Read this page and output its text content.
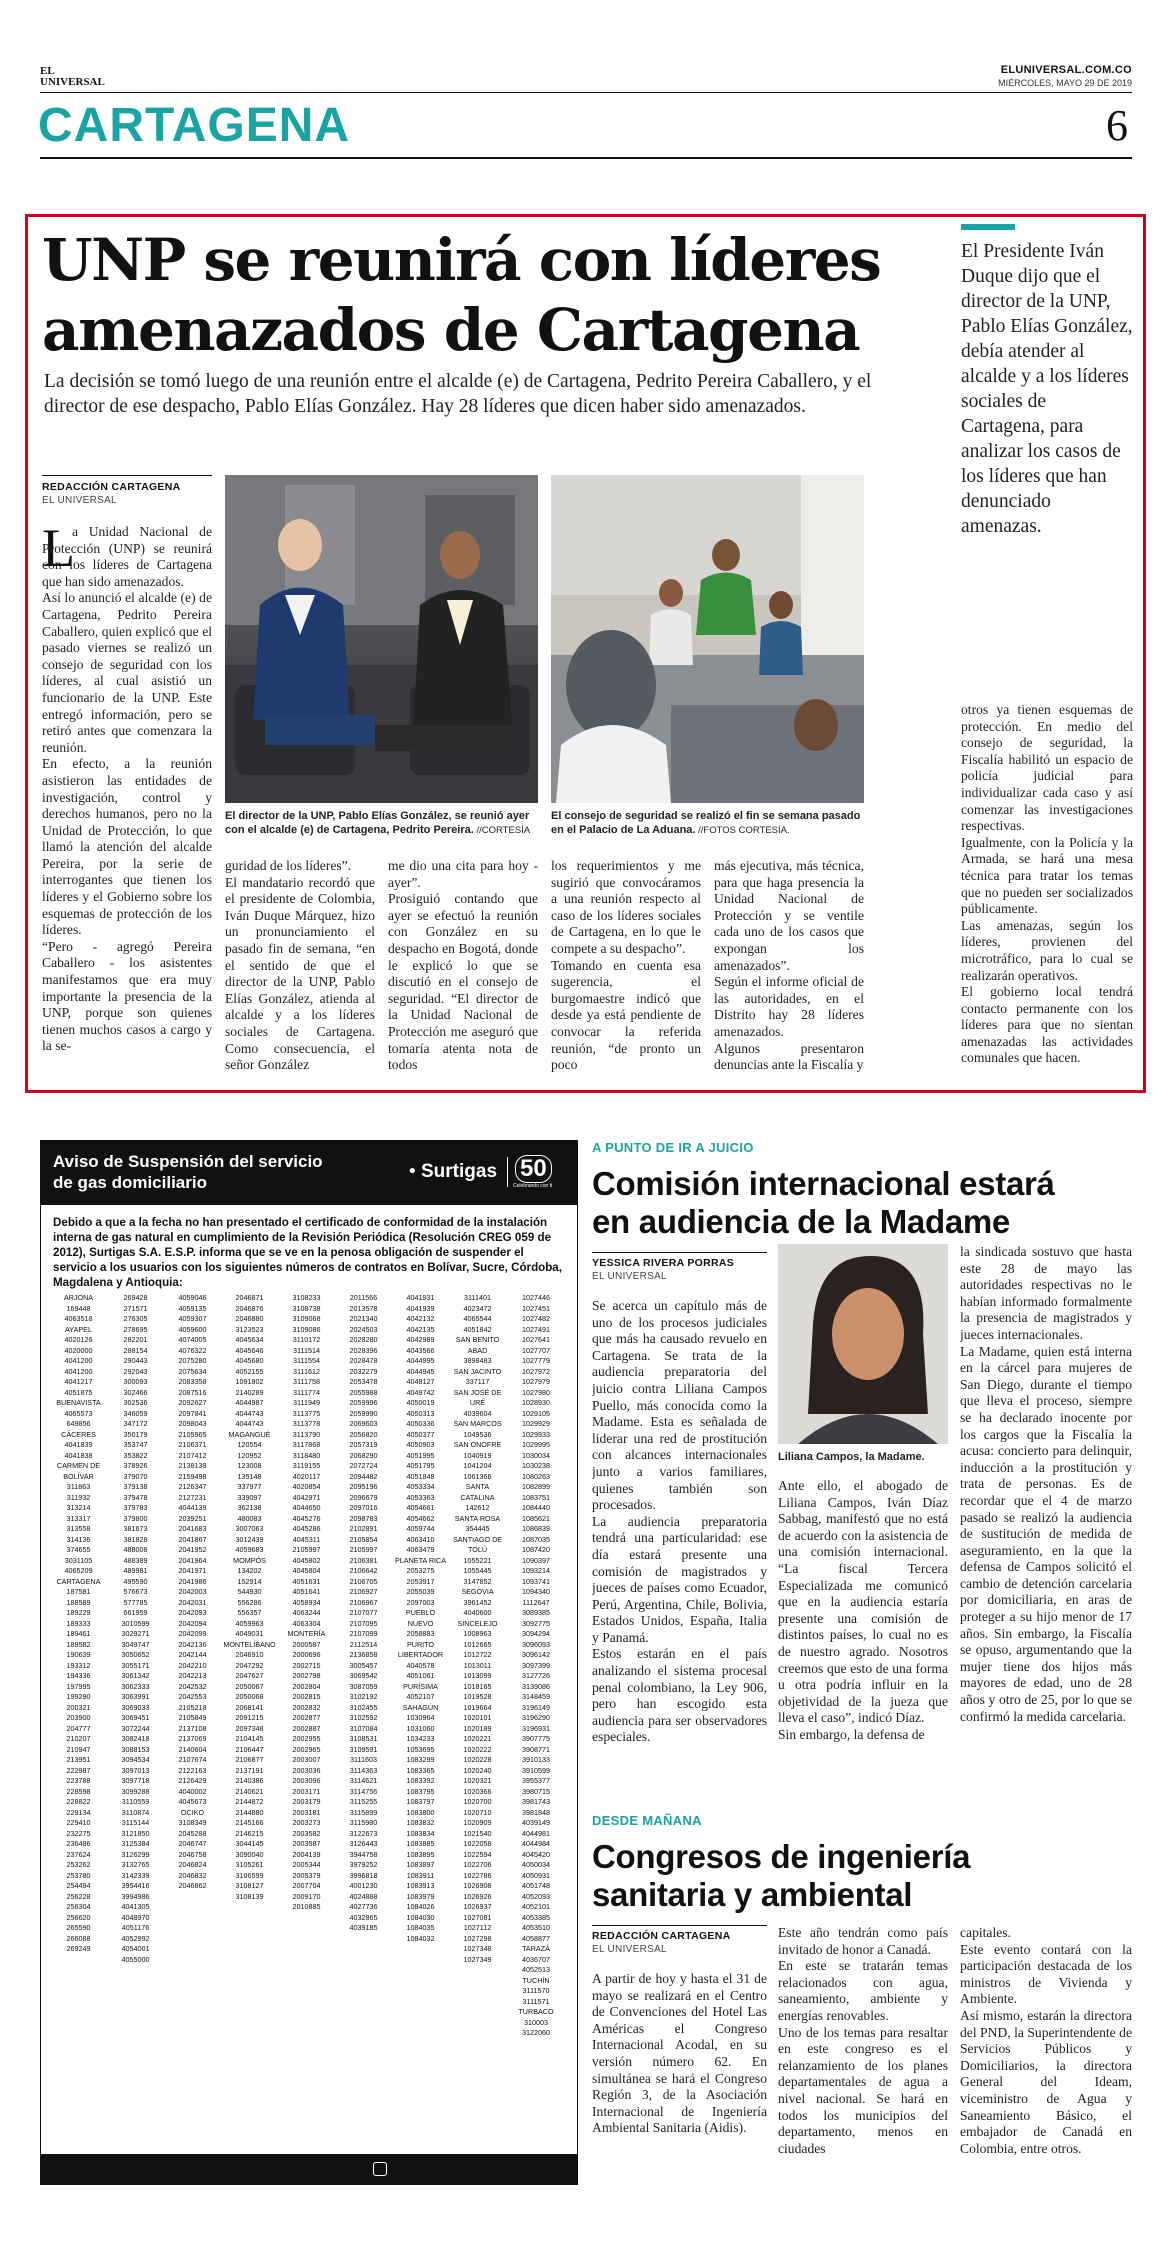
EL
UNIVERSAL
ELUNIVERSAL.COM.CO
MIÉRCOLES, MAYO 29 DE 2019
CARTAGENA	6
UNP se reunirá con líderes
amenazados de Cartagena
La decisión se tomó luego de una reunión entre el alcalde (e) de Cartagena, Pedrito Pereira Caballero, y el director de ese despacho, Pablo Elías González. Hay 28 líderes que dicen haber sido amenazados.
El Presidente Iván Duque dijo que el director de la UNP, Pablo Elías González, debía atender al alcalde y a los líderes sociales de Cartagena, para analizar los casos de los líderes que han denunciado amenazas.
REDACCIÓN CARTAGENA
EL UNIVERSAL
El director de la UNP, Pablo Elías González, se reunió ayer con el alcalde (e) de Cartagena, Pedrito Pereira. //CORTESÍA
El consejo de seguridad se realizó el fin se semana pasado en el Palacio de La Aduana. //FOTOS CORTESÍA.
L
a Unidad Nacional de Protección (UNP) se reunirá con los líderes de Cartagena que han sido amenazados.
Así lo anunció el alcalde (e) de Cartagena, Pedrito Pereira Caballero, quien explicó que el pasado viernes se realizó un consejo de seguridad con los líderes, al cual asistió un funcionario de la UNP. Este entregó información, pero se retiró antes que comenzara la reunión.
En efecto, a la reunión asistieron las entidades de investigación, control y derechos humanos, pero no la Unidad de Protección, lo que llamó la atención del alcalde Pereira, por la serie de interrogantes que tienen los líderes y el Gobierno sobre los esquemas de protección de los líderes.
“Pero - agregó Pereira Caballero - los asistentes manifestamos que era muy importante la presencia de la UNP, porque son quienes tienen muchos casos a cargo y la se-
guridad de los líderes”.
El mandatario recordó que el presidente de Colombia, Iván Duque Márquez, hizo un pronunciamiento el pasado fin de semana, “en el sentido de que el director de la UNP, Pablo Elías González, atienda al alcalde y a los líderes sociales de Cartagena. Como consecuencia, el señor González
me dio una cita para hoy - ayer”.
Prosiguió contando que ayer se efectuó la reunión con González en su despacho en Bogotá, donde le explicó lo que se discutió en el consejo de seguridad. “El director de la Unidad Nacional de Protección me aseguró que tomaría atenta nota de todos
los requerimientos y me sugirió que convocáramos a una reunión respecto al caso de los líderes sociales de Cartagena, en lo que le compete a su despacho”.
Tomando en cuenta esa sugerencia, el burgomaestre indicó que desde ya está pendiente de convocar la referida reunión, “de pronto un poco
más ejecutiva, más técnica, para que haga presencia la Unidad Nacional de Protección y se ventile cada uno de los casos que expongan los amenazados”.
Según el informe oficial de las autoridades, en el Distrito hay 28 líderes amenazados.
Algunos presentaron denuncias ante la Fiscalía y
otros ya tienen esquemas de protección. En medio del consejo de seguridad, la Fiscalía habilitó un espacio de policía judicial para individualizar cada caso y así comenzar las investigaciones respectivas.
Igualmente, con la Policía y la Armada, se hará una mesa técnica para tratar los temas que no pueden ser socializados públicamente.
Las amenazas, según los líderes, provienen del microtráfico, para lo cual se realizarán operativos.
El gobierno local tendrá contacto permanente con los líderes para que no sientan amenazadas las actividades comunales que hacen.
Aviso de Suspensión del servicio
de gas domiciliario
• Surtigas 50
Celebrando con ti
Debido a que a la fecha no han presentado el certificado de conformidad de la instalación interna de gas natural en cumplimiento de la Revisión Periódica (Resolución CREG 059 de 2012), Surtigas S.A. E.S.P. informa que se ve en la penosa obligación de suspender el servicio a los usuarios con los siguientes números de contratos en Bolívar, Sucre, Córdoba, Magdalena y Antioquia:
ARJONA
169448
4063518
AYAPEL
4020126
4020000
4041200
4041200
4041217
4051875
BUENAVISTA
4065573
649856
CÁCERES
4041839
4041838
CARMEN DE
BOLÍVAR
311863
311932
313214
313317
313558
314136
374655
3031105
4065209
CARTAGENA
187581
188589
189229
189333
189461
189582
190639
193312
194336
197995
199290
200321
203900
204777
210207
210947
213951
222987
223788
228598
228822
229134
229410
232275
236486
237624
253262
253780
254494
256228
256304
256620
265590
266088
269249
269428
271571
276305
278695
282201
288154
290443
292043
300093
302466
302536
346059
347172
350179
353747
353822
378926
379070
379138
379478
379783
379800
381673
381828
488008
488389
489981
495590
576673
577785
661959
3010599
3029271
3049747
3050652
3055171
3061342
3062333
3063991
3069033
3069451
3072244
3082418
3088153
3094534
3097013
3097718
3099288
3110559
3110874
3115144
3121850
3125384
3126299
3132765
3142339
3954416
3994986
4041305
4048970
4051176
4052992
4054001
4055000
4059046
4059135
4059307
4059600
4074005
4076322
2075280
2075634
2083358
2087516
2092627
2097841
2098043
2105965
2106371
2107412
2138139
2159498
2126347
2127231
4044139
2039251
2041683
2041867
2041952
2041964
2041971
2041986
2042003
2042031
2042093
2042094
2042099
2042136
2042144
2042210
2042213
2042532
2042553
2105218
2105849
2137108
2137069
2140604
2107674
2122163
2126429
4040002
4045673
OCIKO
3108349
2045288
2046747
2046758
2046824
2046832
2046862
2046871
2046876
2046880
3123523
4045634
4045646
4045680
4052155
1091802
2140289
4044987
4044743
4044743
MAGANGUÉ
120554
120952
123008
135148
337977
339097
362138
480083
3007063
3012439
4059683
MOMPÓS
134202
152914
544930
556286
556357
4059963
4049031
MONTELÍBANO
2046910
2047292
2047627
2050067
2050068
2068141
2091215
2097348
2104145
2106447
2106877
2137191
2140386
2140621
2144872
2144880
2145166
2146215
3044145
3090040
3105261
3106599
3108127
3108139
3108233
3108738
3109068
3109086
3110172
3111514
3111554
3111612
3111758
3111774
3111949
3113775
3113778
3113790
3117868
3118480
3119155
4020117
4020854
4042971
4044650
4045276
4045286
4045311
2105997
4045802
4045804
4051631
4051641
4058934
4063244
4063304
MONTERÍA
2000587
2000696
2002715
2002798
2002804
2002815
2002832
2002877
2002887
2002955
2002965
2003007
2003036
2003096
2003171
2003179
2003181
2003273
2003582
2003587
2004139
2005344
2005379
2007704
2009170
2010885
2011566
2013578
2021340
2024503
2028280
2028396
2028478
2032279
2053478
2055988
2059996
2059990
2069603
2056820
2057319
2068290
2072724
2094482
2095196
2096679
2097016
2098783
2102891
2105854
2105997
2106381
2106642
2106705
2106927
2106967
2107077
2107095
2107099
2112514
2136858
3005457
3069542
3087059
3102192
3102455
3102592
3107084
3108531
3109591
3111603
3114363
3114621
3114756
3115255
3115899
3115980
3122673
3126443
3944758
3979252
3996818
4001230
4024888
4027736
4032865
4039185
4041931
4041939
4042132
4042135
4042989
4043566
4044995
4044945
4048127
4049742
4050019
4050313
4050336
4050377
4050903
4051995
4051795
4051848
4053334
4053363
4054661
4054662
4059744
4063410
4063479
PLANETA RICA
2053275
2053917
2055039
2097003
PUEBLO NUEVO
2058883
PURITO
LIBERTADOR
4040578
4051061
PURÍSIMA
4052107
SAHAGÚN
1030964
1031060
1034233
1053695
1083299
1083365
1083392
1083795
1083797
1083800
1083832
1083834
1083885
1083895
1083897
1083911
1083913
1083979
1084026
1084030
1084035
1084032
3111401
4023472
4065544
4051842
SAN BENITO
ABAD
3898483
SAN JACINTO
337117
SAN JOSÉ DE URÉ
4039604
SAN MARCOS
1049536
SAN ONOFRE
1040919
1041204
1061366
SANTA CATALINA
142612
SANTA ROSA
354445
SANTIAGO DE
TOLÚ
1055221
1055445
3147852
SEGOVIA
3961452
4040600
SINCELEJO
1008963
1012665
1012722
1013011
1013099
1018165
1019528
1019664
1020101
1020189
1020221
1020222
1020228
1020240
1020321
1020366
1020700
1020710
1020909
1021540
1022058
1022594
1022706
1022786
1026908
1026926
1026937
1027081
1027112
1027298
1027348
1027349
1027446
1027451
1027482
1027491
1027641
1027707
1027779
1027972
1027979
1027980
1028930
1029105
1029929
1029933
1029995
1030034
1030238
1080263
1082899
1083751
1084440
1085621
1086839
1087035
1087420
1090397
1093214
1093741
1094340
1112647
3089385
3092775
3094294
3096093
3096142
3097399
3127726
3139086
3148459
3196149
3196290
3196931
3907775
3908771
3910133
3910599
3955377
3980715
3981743
3981848
4039149
4044981
4044984
4045420
4050034
4050931
4051748
4052093
4052101
4053385
4053510
4058877
TARAZÁ
4036707
4052513
TUCHÍN
3111570
3111571
TURBACO
310003
3122060
A PUNTO DE IR A JUICIO
Comisión internacional estará
en audiencia de la Madame
YESSICA RIVERA PORRAS
EL UNIVERSAL
Se acerca un capítulo más de uno de los procesos judiciales que más ha causado revuelo en Cartagena. Se trata de la audiencia preparatoria del juicio contra Liliana Campos Puello, más conocida como la Madame. Esta es señalada de liderar una red de prostitución con alcances internacionales junto a varios familiares, quienes también son procesados.
La audiencia preparatoria tendrá una particularidad: ese día estará presente una comisión de magistrados y jueces de países como Ecuador, Perú, Argentina, Chile, Bolivia, Estados Unidos, España, Italia y Panamá.
Estos estarán en el país analizando el sistema procesal penal colombiano, la Ley 906, pero han escogido esta audiencia para ser observadores especiales.
Liliana Campos, la Madame.
Ante ello, el abogado de Liliana Campos, Iván Díaz Sabbag, manifestó que no está de acuerdo con la asistencia de una comisión internacional. “La fiscal Tercera Especializada me comunicó que en la audiencia estaría presente una comisión de distintos países, lo cual no es de nuestro agrado. Nosotros creemos que esto de una forma u otra podría influir en la objetividad de la jueza que lleva el caso”, indicó Díaz.
Sin embargo, la defensa de
la sindicada sostuvo que hasta este 28 de mayo las autoridades respectivas no le habían informado formalmente la presencia de magistrados y jueces internacionales.
La Madame, quien está interna en la cárcel para mujeres de San Diego, durante el tiempo que lleva el proceso, siempre se ha declarado inocente por los cargos que la Fiscalía la acusa: concierto para delinquir, inducción a la prostitución y trata de personas. Es de recordar que el 4 de marzo pasado se realizó la audiencia de sustitución de medida de aseguramiento, en la que la defensa de Campos solicitó el cambio de detención carcelaria por domiciliaria, en aras de proteger a su hijo menor de 17 años. Sin embargo, la Fiscalía se opuso, argumentando que la mujer tiene dos hijos más mayores de edad, uno de 28 años y otro de 25, por lo que se confirmó la medida carcelaria.
DESDE MAÑANA
Congresos de ingeniería
sanitaria y ambiental
REDACCIÓN CARTAGENA
EL UNIVERSAL
A partir de hoy y hasta el 31 de mayo se realizará en el Centro de Convenciones del Hotel Las Américas el Congreso Internacional Acodal, en su versión número 62. En simultánea se hará el Congreso Región 3, de la Asociación Internacional de Ingeniería Ambiental Sanitaria (Aidis).
Este año tendrán como país invitado de honor a Canadá.
En este se tratarán temas relacionados con agua, saneamiento, ambiente y energías renovables.
Uno de los temas para resaltar en este congreso es el relanzamiento de los planes departamentales de agua a nivel nacional. Se hará en todos los municipios del departamento, menos en ciudades
capitales.
Este evento contará con la participación destacada de los ministros de Vivienda y Ambiente.
Así mismo, estarán la directora del PND, la Superintendente de Servicios Públicos y Domiciliarios, la directora General del Ideam, viceministro de Agua y Saneamiento Básico, el embajador de Canadá en Colombia, entre otros.
